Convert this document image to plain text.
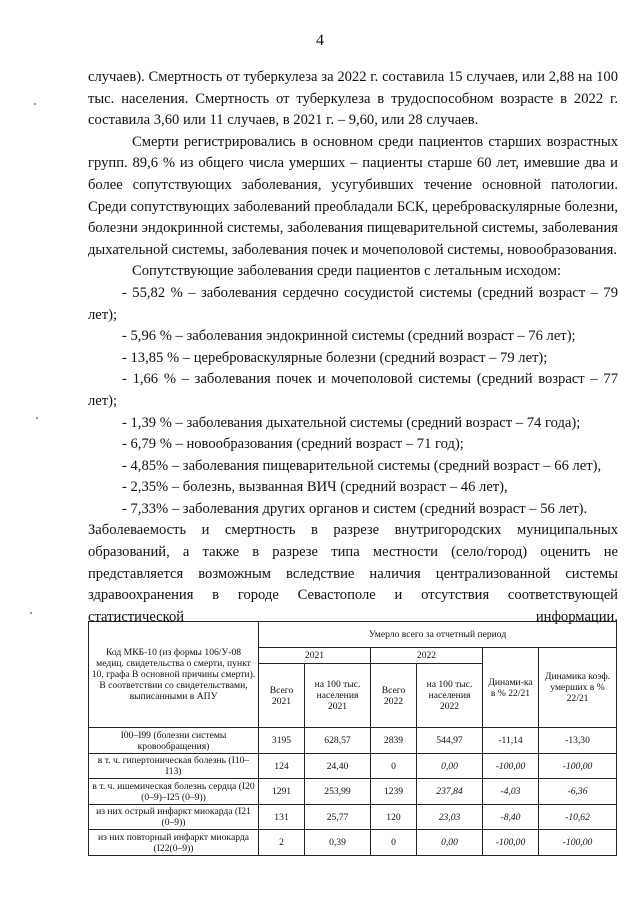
4

случаев). Смертность от туберкулеза за 2022 г. составила 15 случаев, или 2,88 на 100 тыс. населения. Смертность от туберкулеза в трудоспособном возрасте в 2022 г. составила 3,60 или 11 случаев, в 2021 г. – 9,60, или 28 случаев.

Смерти регистрировались в основном среди пациентов старших возрастных групп. 89,6 % из общего числа умерших – пациенты старше 60 лет, имевшие два и более сопутствующих заболевания, усугубивших течение основной патологии. Среди сопутствующих заболеваний преобладали БСК, цереброваскулярные болезни, болезни эндокринной системы, заболевания пищеварительной системы, заболевания дыхательной системы, заболевания почек и мочеполовой системы, новообразования.

Сопутствующие заболевания среди пациентов с летальным исходом:

- 55,82 % – заболевания сердечно сосудистой системы (средний возраст – 79 лет);

- 5,96 % – заболевания эндокринной системы (средний возраст – 76 лет);

- 13,85 % – цереброваскулярные болезни (средний возраст – 79 лет);

- 1,66 % – заболевания почек и мочеполовой системы (средний возраст – 77 лет);

- 1,39 % – заболевания дыхательной системы (средний возраст – 74 года);

- 6,79 % – новообразования (средний возраст – 71 год);

- 4,85% – заболевания пищеварительной системы (средний возраст – 66 лет),

- 2,35% – болезнь, вызванная ВИЧ (средний возраст – 46 лет),

- 7,33% – заболевания других органов и систем (средний возраст – 56 лет).

Заболеваемость и смертность в разрезе внутригородских муниципальных образований, а также в разрезе типа местности (село/город) оценить не представляется возможным вследствие наличия централизованной системы здравоохранения в городе Севастополе и отсутствия соответствующей статистической информации.

Код МКБ-10 (из формы 106/У-08 медиц. свидетельства о смерти, пункт 10, графа В основной причины смерти). В соответствии со свидетельствами, выписанными в АПУ	Умерло всего за отчетный период					
	2021		2022		Динами-ка в % 22/21	Динамика коэф. умерших в % 22/21
	Всего 2021	на 100 тыс. населения 2021	Всего 2022	на 100 тыс. населения 2022		
I00–I99 (болезни системы кровообращения)	3195	628,57	2839	544,97	-11,14	-13,30
в т. ч. гипертоническая болезнь (I10–I13)	124	24,40	0	0,00	-100,00	-100,00
в т. ч. ишемическая болезнь сердца (I20 (0–9)–I25 (0–9))	1291	253,99	1239	237,84	-4,03	-6,36
из них острый инфаркт миокарда (I21 (0–9))	131	25,77	120	23,03	-8,40	-10,62
из них повторный инфаркт миокарда (I22(0–9))	2	0,39	0	0,00	-100,00	-100,00
